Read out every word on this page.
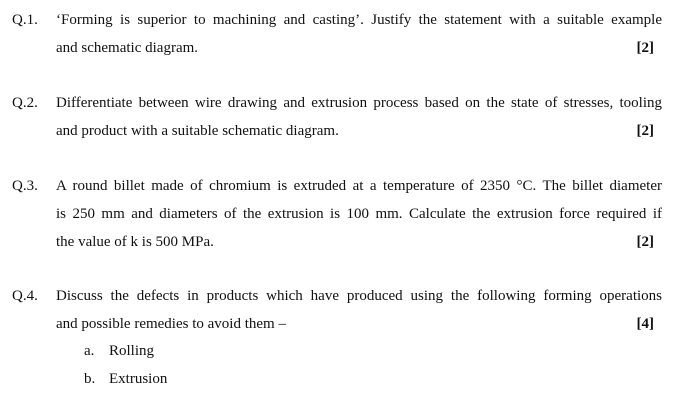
Q.1. ‘Forming is superior to machining and casting’. Justify the statement with a suitable example
and schematic diagram.	[2]
Q.2. Differentiate between wire drawing and extrusion process based on the state of stresses, tooling
and product with a suitable schematic diagram.	[2]
Q.3. A round billet made of chromium is extruded at a temperature of 2350 °C. The billet diameter
is 250 mm and diameters of the extrusion is 100 mm. Calculate the extrusion force required if
the value of k is 500 MPa.	[2]
Q.4. Discuss the defects in products which have produced using the following forming operations
and possible remedies to avoid them –	[4]
a. Rolling
b. Extrusion
